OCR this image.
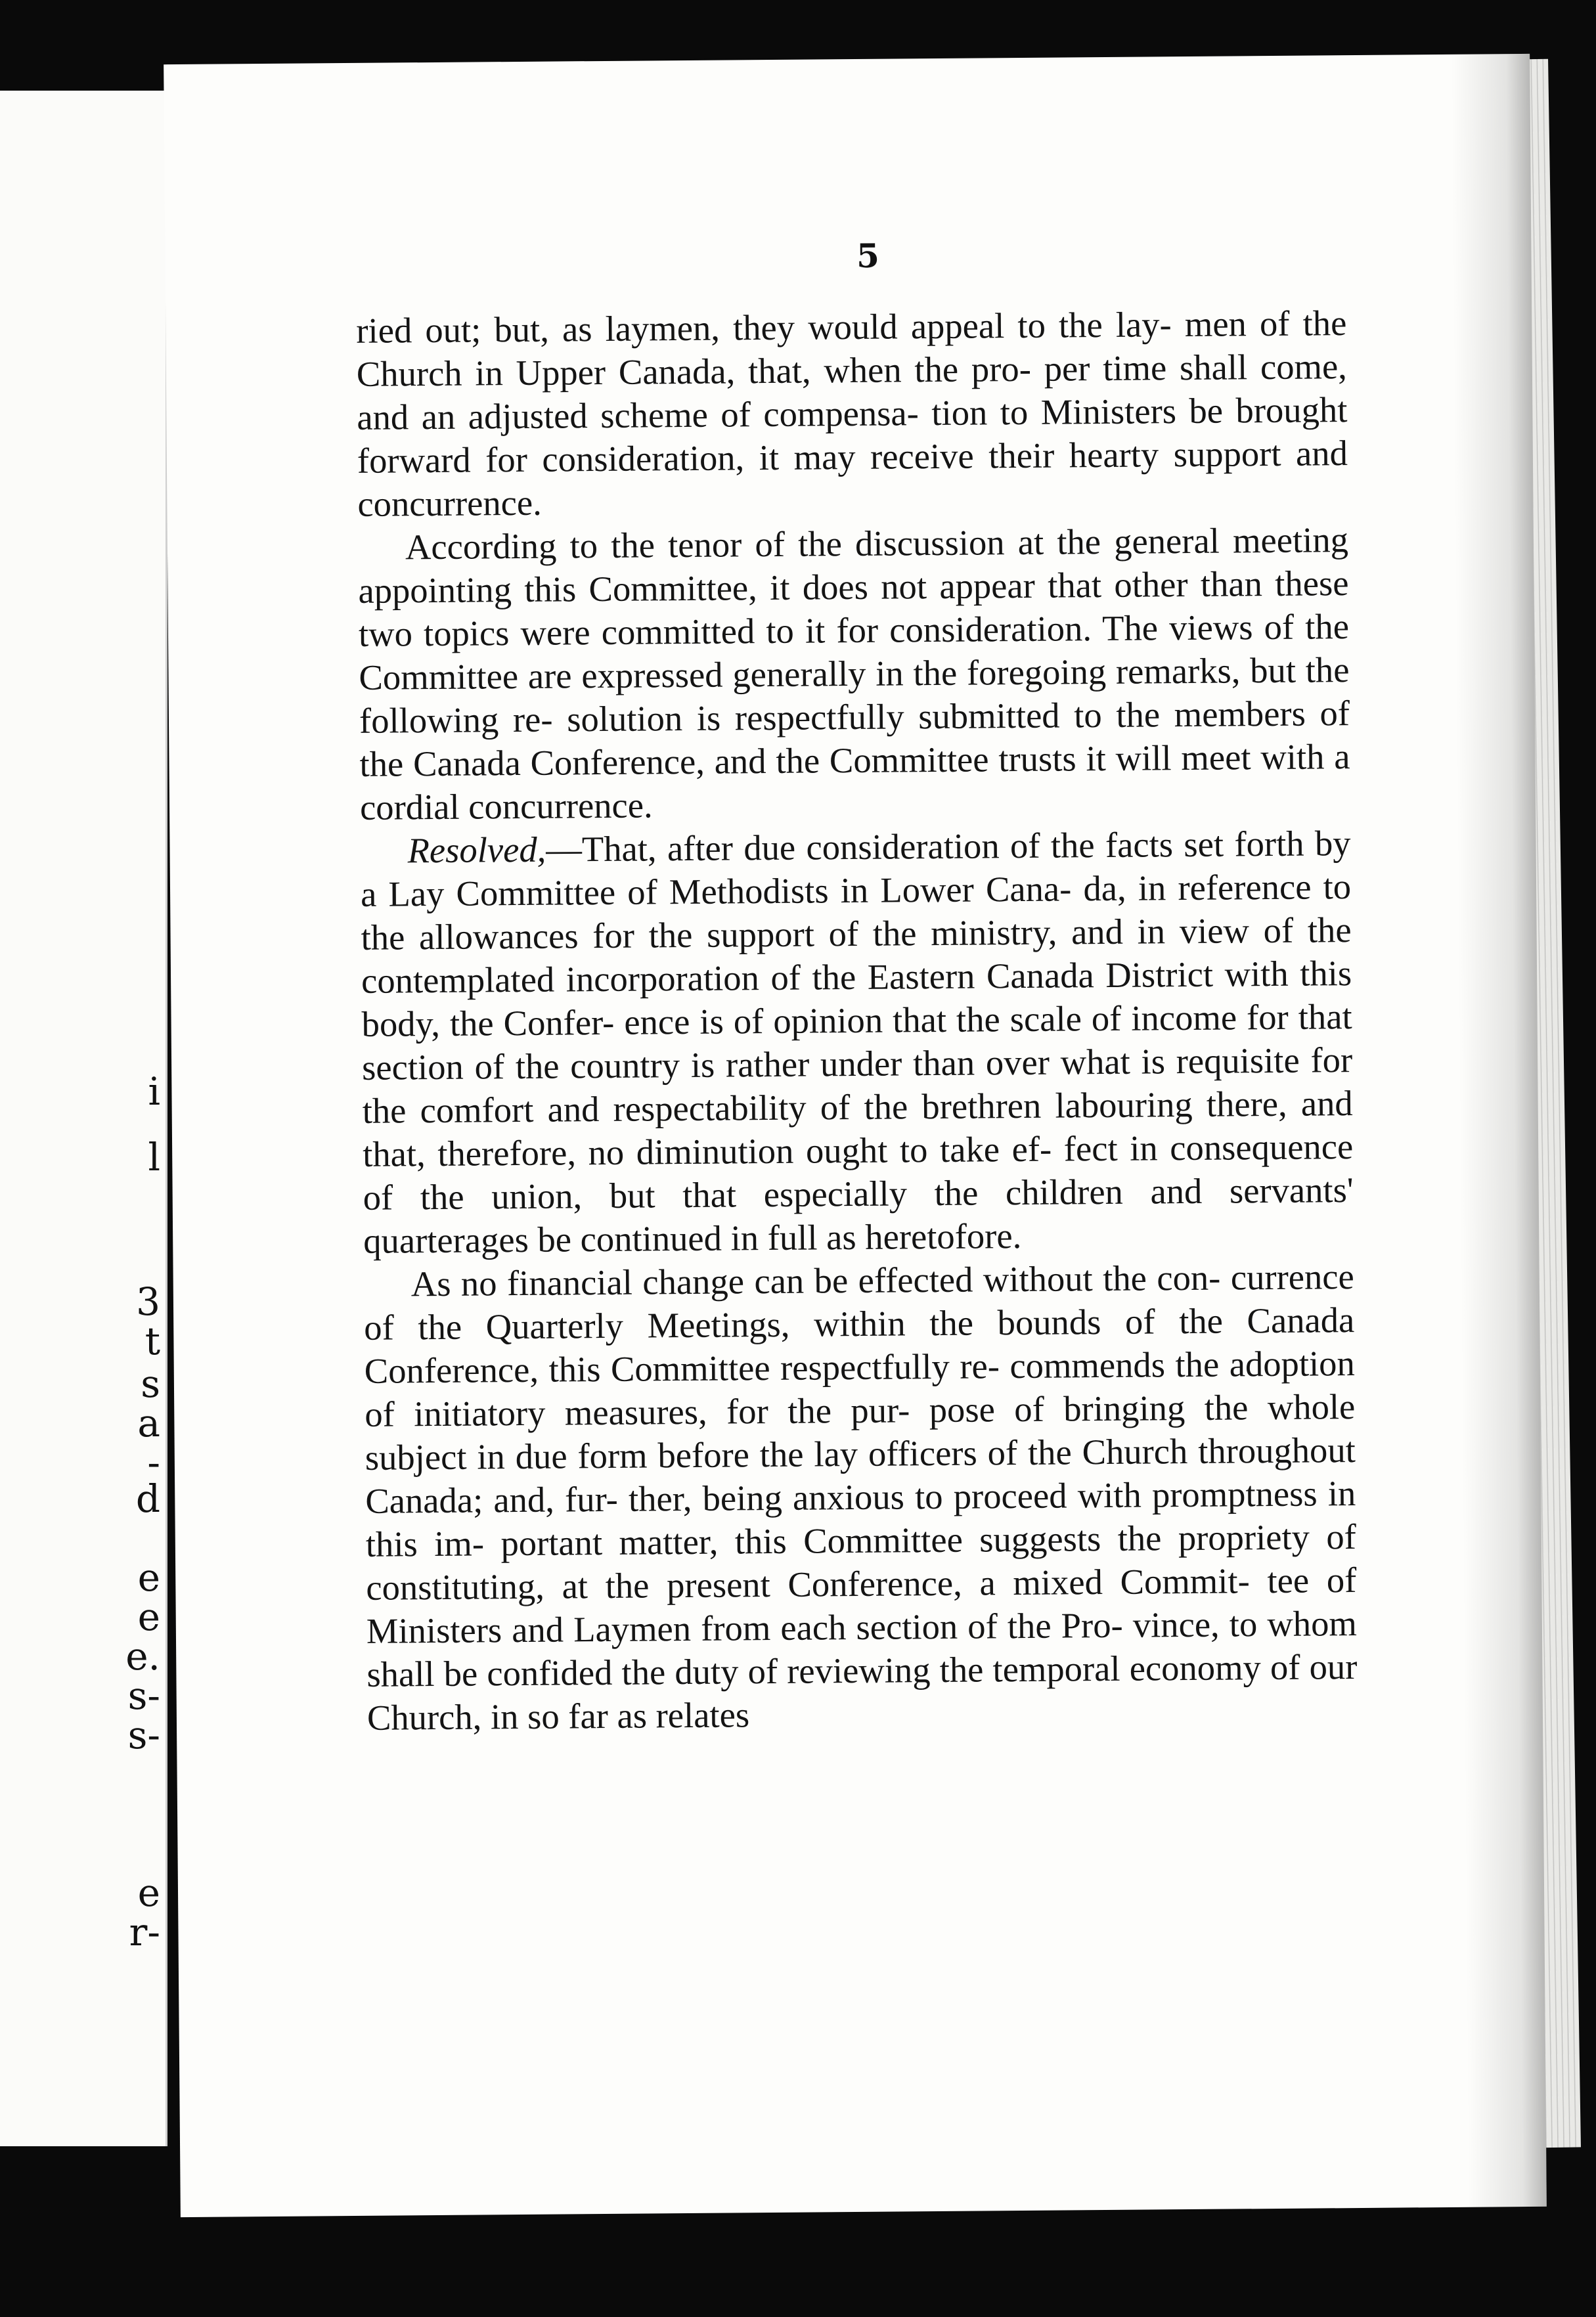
i
l
3
t
s
a
-
d
e
e
e.
s-
s-
e
r-
5

ried out; but, as laymen, they would appeal to the lay- men of the Church in Upper Canada, that, when the pro- per time shall come, and an adjusted scheme of compensa- tion to Ministers be brought forward for consideration, it may receive their hearty support and concurrence.

According to the tenor of the discussion at the general meeting appointing this Committee, it does not appear that other than these two topics were committed to it for consideration. The views of the Committee are expressed generally in the foregoing remarks, but the following re- solution is respectfully submitted to the members of the Canada Conference, and the Committee trusts it will meet with a cordial concurrence.

Resolved,—That, after due consideration of the facts set forth by a Lay Committee of Methodists in Lower Cana- da, in reference to the allowances for the support of the ministry, and in view of the contemplated incorporation of the Eastern Canada District with this body, the Confer- ence is of opinion that the scale of income for that section of the country is rather under than over what is requisite for the comfort and respectability of the brethren labouring there, and that, therefore, no diminution ought to take ef- fect in consequence of the union, but that especially the children and servants' quarterages be continued in full as heretofore.

As no financial change can be effected without the con- currence of the Quarterly Meetings, within the bounds of the Canada Conference, this Committee respectfully re- commends the adoption of initiatory measures, for the pur- pose of bringing the whole subject in due form before the lay officers of the Church throughout Canada; and, fur- ther, being anxious to proceed with promptness in this im- portant matter, this Committee suggests the propriety of constituting, at the present Conference, a mixed Commit- tee of Ministers and Laymen from each section of the Pro- vince, to whom shall be confided the duty of reviewing the temporal economy of our Church, in so far as relates
